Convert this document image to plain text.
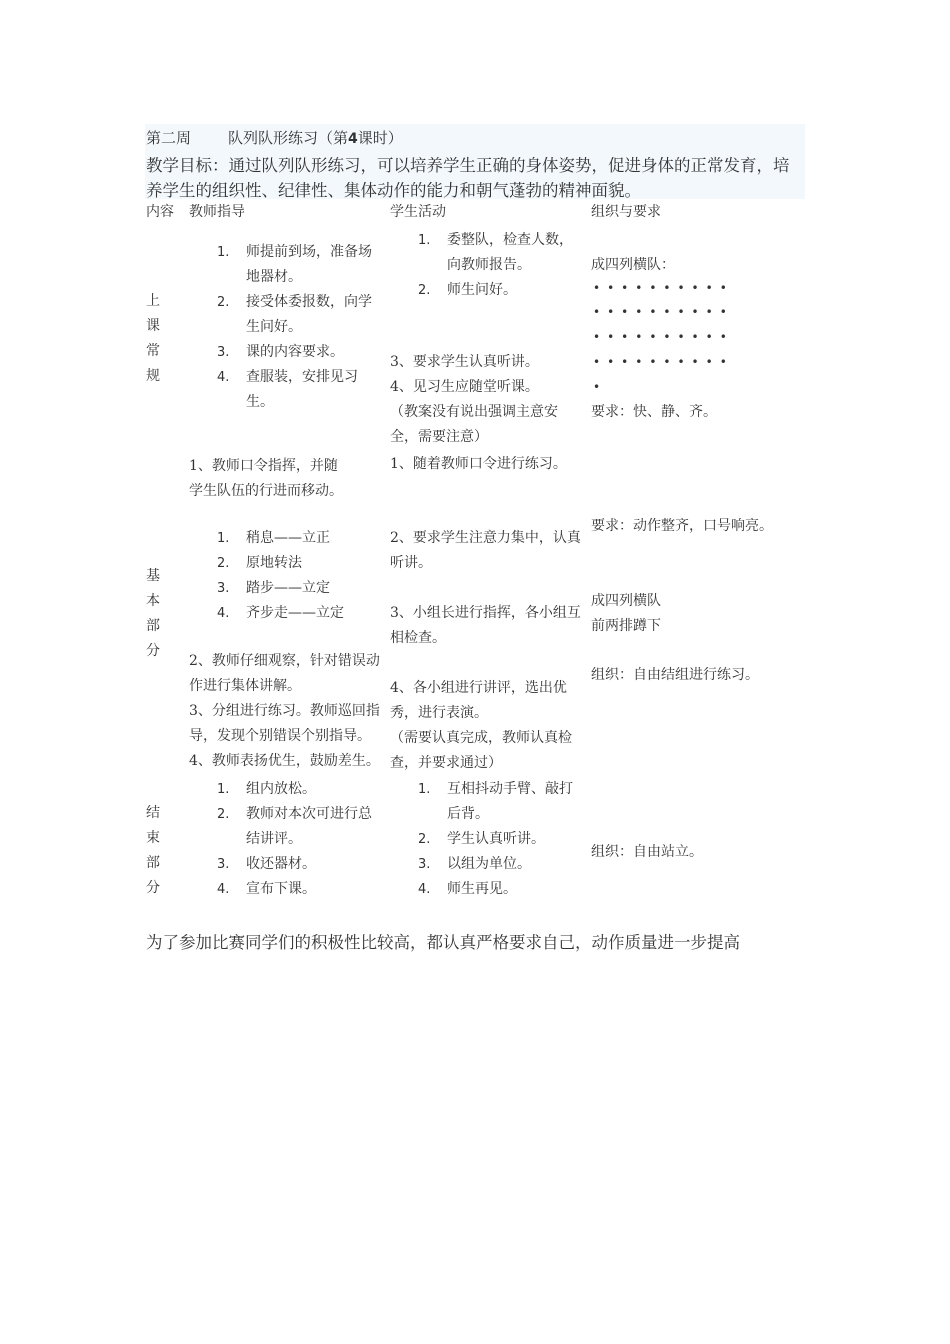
第二周 队列队形练习（第4课时）
教学目标：通过队列队形练习，可以培养学生正确的身体姿势，促进身体的正常发育，培
养学生的组织性、纪律性、集体动作的能力和朝气蓬勃的精神面貌。
内容 教师指导	学生活动	组织与要求
上课常规
1. 师提前到场，准备场
地器材。
2. 接受体委报数，向学
生问好。
3. 课的内容要求。
4. 查服装，安排见习
生。
1. 委整队，检查人数，
向教师报告。
2. 师生问好。
3、要求学生认真听讲。
4、见习生应随堂听课。
（教案没有说出强调主意安
全，需要注意）
成四列横队：
••••••••••
••••••••••
••••••••••
••••••••••
•
要求：快、静、齐。
基本部分
1、教师口令指挥，并随
学生队伍的行进而移动。
1. 稍息——立正
2. 原地转法
3. 踏步——立定
4. 齐步走——立定
2、教师仔细观察，针对错误动
作进行集体讲解。
3、分组进行练习。教师巡回指
导，发现个别错误个别指导。
4、教师表扬优生，鼓励差生。
1、随着教师口令进行练习。
2、要求学生注意力集中，认真
听讲。
3、小组长进行指挥，各小组互
相检查。
4、各小组进行讲评，选出优
秀，进行表演。
（需要认真完成，教师认真检
查，并要求通过）
要求：动作整齐，口号响亮。
成四列横队
前两排蹲下
组织：自由结组进行练习。
结束部分
1. 组内放松。
2. 教师对本次可进行总
结讲评。
3. 收还器材。
4. 宣布下课。
1. 互相抖动手臂、敲打
后背。
2. 学生认真听讲。
3. 以组为单位。
4. 师生再见。
组织：自由站立。
为了参加比赛同学们的积极性比较高，都认真严格要求自己，动作质量进一步提高
